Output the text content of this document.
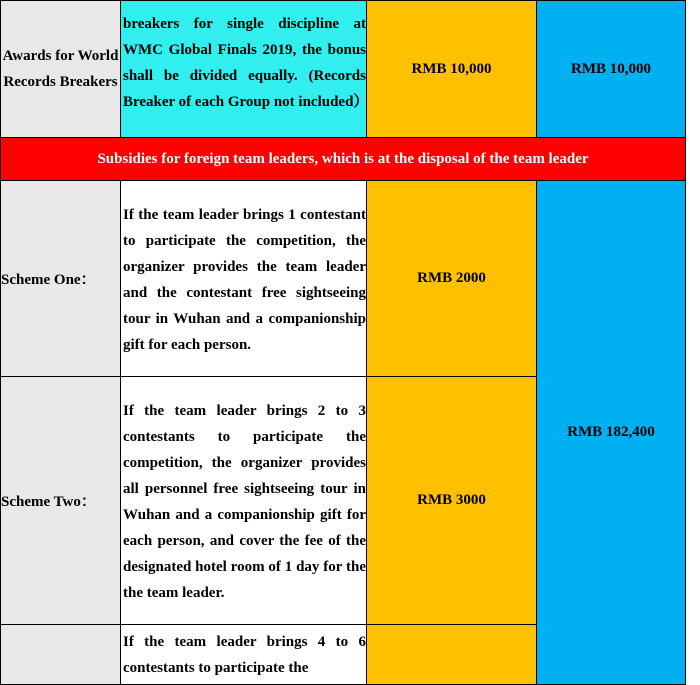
Awards for World Records Breakers	breakers for single discipline at WMC Global Finals 2019, the bonus shall be divided equally. (Records Breaker of each Group not included）	RMB 10,000	RMB 10,000
Subsidies for foreign team leaders, which is at the disposal of the team leader			
Scheme One：	If the team leader brings 1 contestant to participate the competition, the organizer provides the team leader and the contestant free sightseeing tour in Wuhan and a companionship gift for each person.	RMB 2000	RMB 182,400
Scheme Two：	If the team leader brings 2 to 3 contestants to participate the competition, the organizer provides all personnel free sightseeing tour in Wuhan and a companionship gift for each person, and cover the fee of the designated hotel room of 1 day for the the team leader.	RMB 3000	

	If the team leader brings 4 to 6 contestants to participate the		
